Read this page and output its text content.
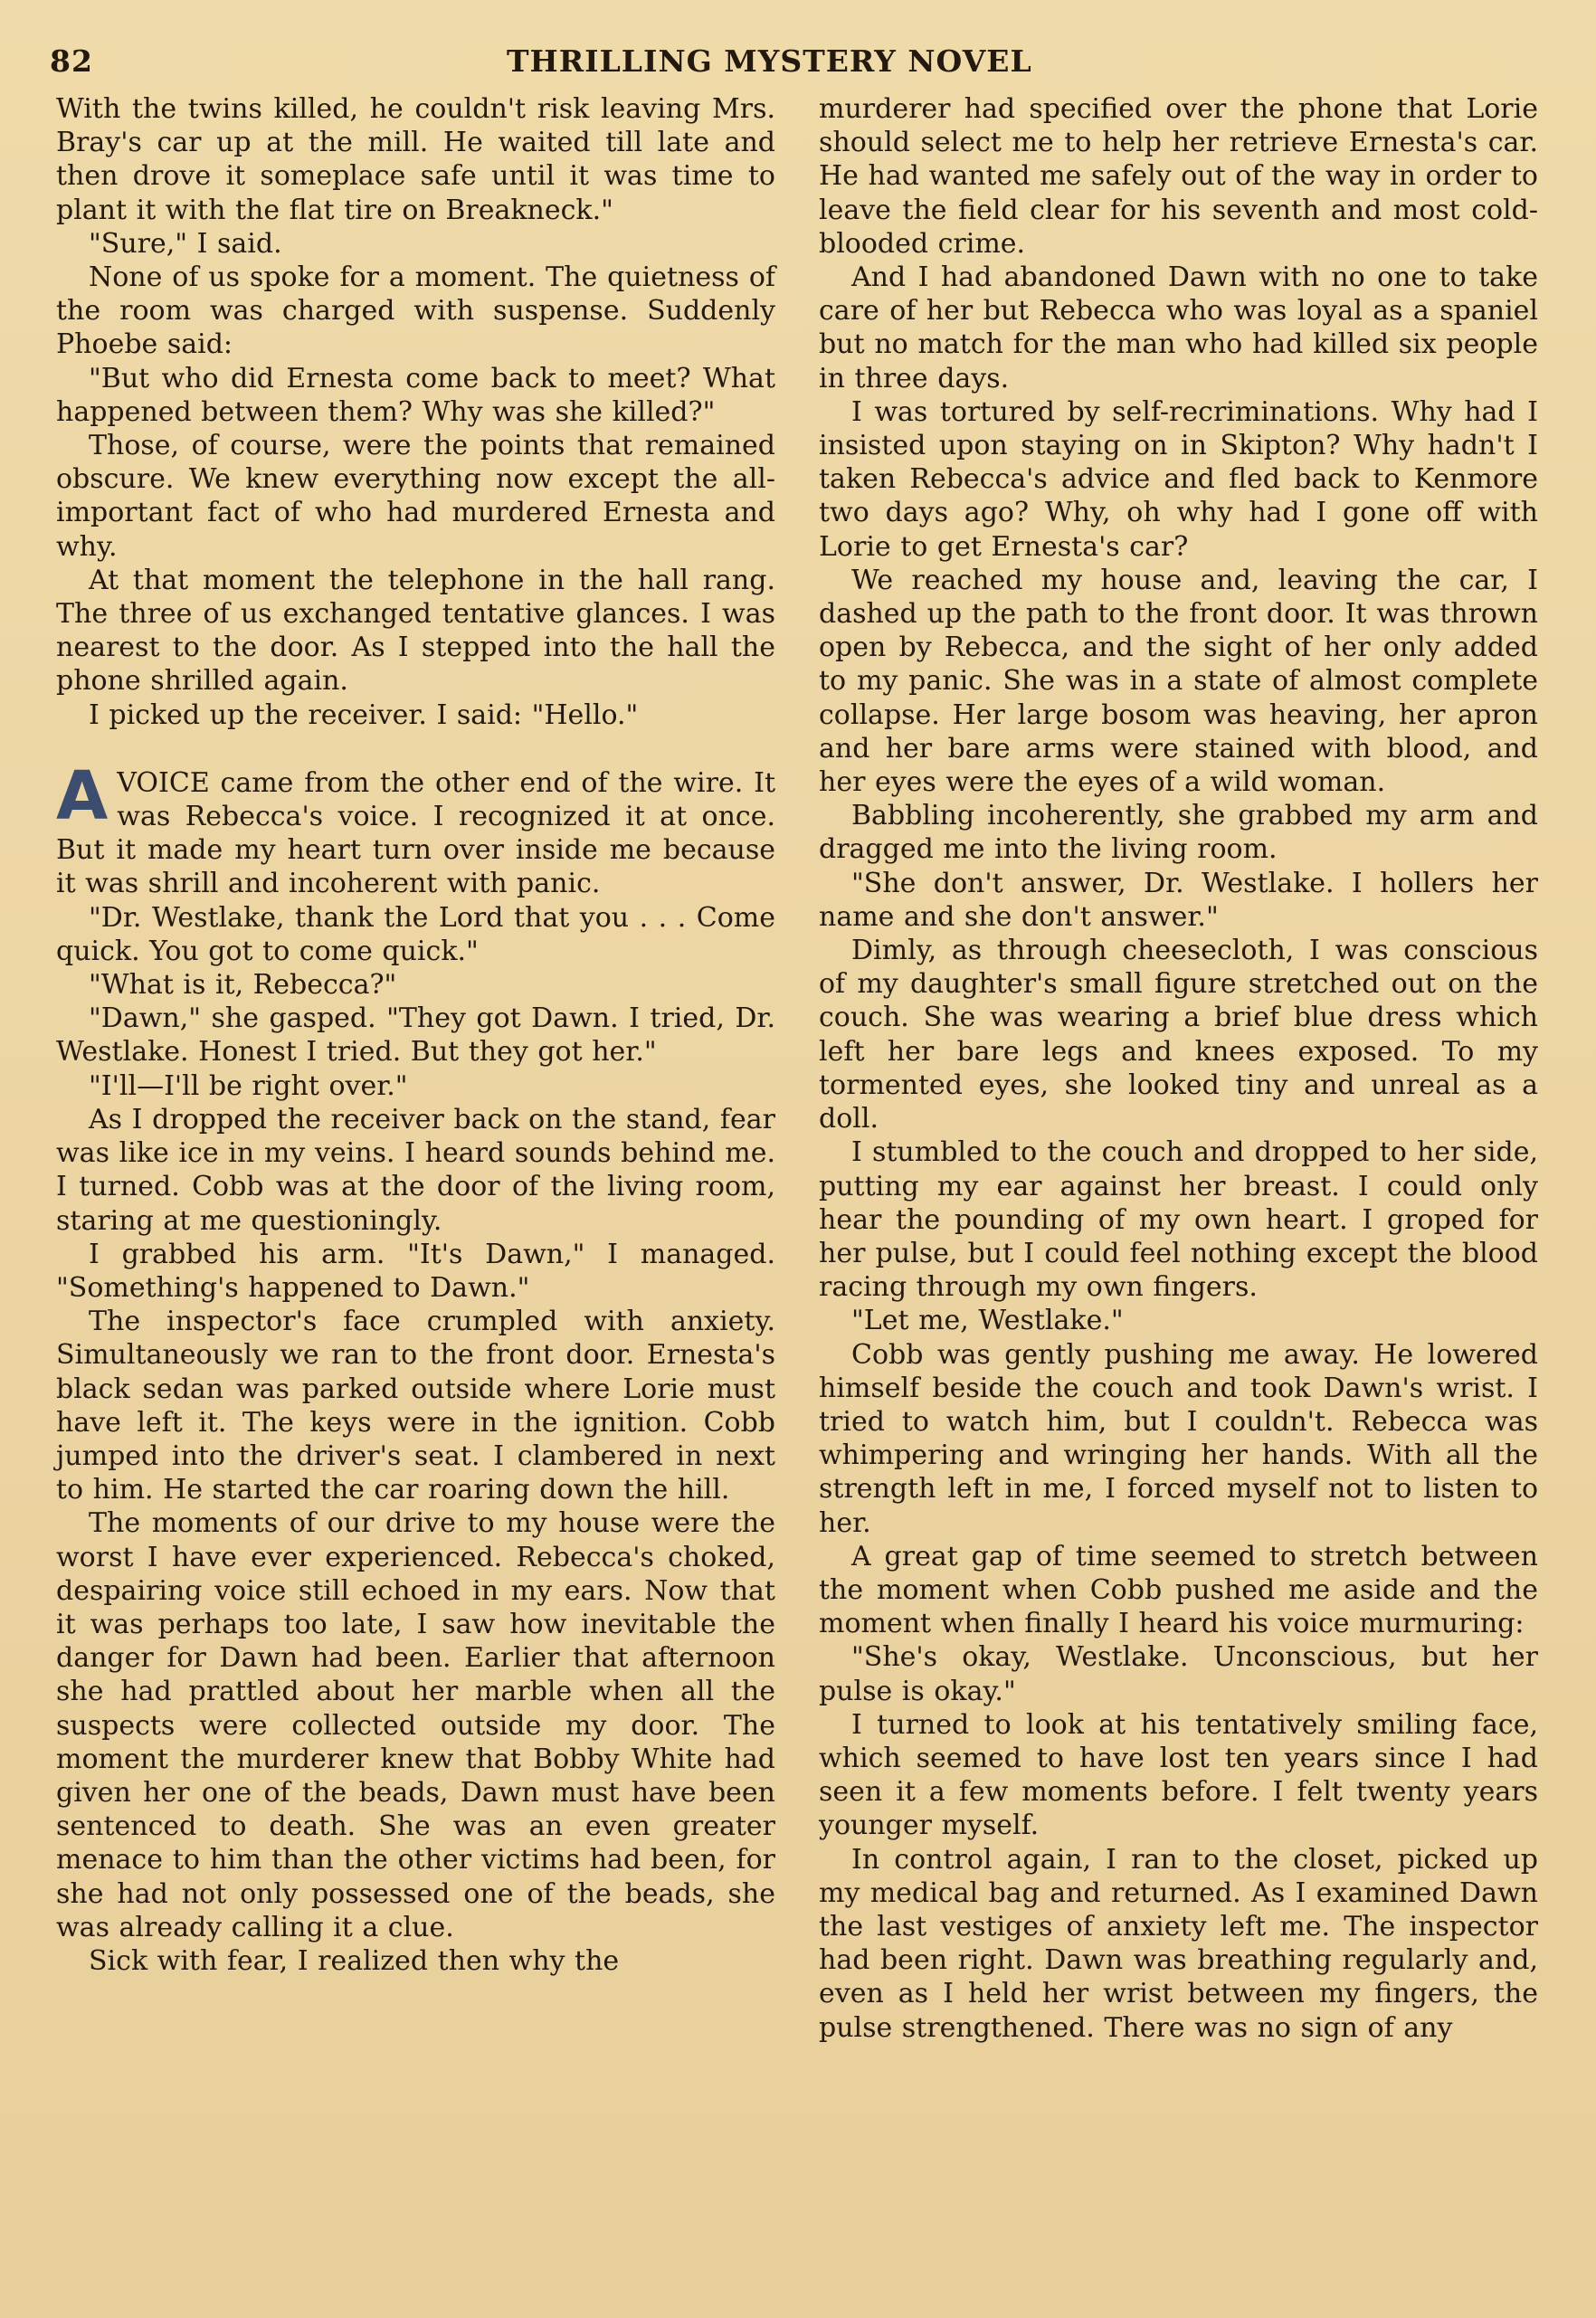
82	THRILLING MYSTERY NOVEL

With the twins killed, he couldn't risk leaving Mrs. Bray's car up at the mill. He waited till late and then drove it someplace safe until it was time to plant it with the flat tire on Breakneck."

"Sure," I said.

None of us spoke for a moment. The quietness of the room was charged with suspense. Suddenly Phoebe said:

"But who did Ernesta come back to meet? What happened between them? Why was she killed?"

Those, of course, were the points that remained obscure. We knew everything now except the all-important fact of who had murdered Ernesta and why.

At that moment the telephone in the hall rang. The three of us exchanged tentative glances. I was nearest to the door. As I stepped into the hall the phone shrilled again.

I picked up the receiver. I said: "Hello."

AVOICE came from the other end of the wire. It was Rebecca's voice. I recognized it at once. But it made my heart turn over inside me because it was shrill and incoherent with panic.

"Dr. Westlake, thank the Lord that you . . . Come quick. You got to come quick."

"What is it, Rebecca?"

"Dawn," she gasped. "They got Dawn. I tried, Dr. Westlake. Honest I tried. But they got her."

"I'll—I'll be right over."

As I dropped the receiver back on the stand, fear was like ice in my veins. I heard sounds behind me. I turned. Cobb was at the door of the living room, staring at me questioningly.

I grabbed his arm. "It's Dawn," I managed. "Something's happened to Dawn."

The inspector's face crumpled with anxiety. Simultaneously we ran to the front door. Ernesta's black sedan was parked outside where Lorie must have left it. The keys were in the ignition. Cobb jumped into the driver's seat. I clambered in next to him. He started the car roaring down the hill.

The moments of our drive to my house were the worst I have ever experienced. Rebecca's choked, despairing voice still echoed in my ears. Now that it was perhaps too late, I saw how inevitable the danger for Dawn had been. Earlier that afternoon she had prattled about her marble when all the suspects were collected outside my door. The moment the murderer knew that Bobby White had given her one of the beads, Dawn must have been sentenced to death. She was an even greater menace to him than the other victims had been, for she had not only possessed one of the beads, she was already calling it a clue.

Sick with fear, I realized then why the

murderer had specified over the phone that Lorie should select me to help her retrieve Ernesta's car. He had wanted me safely out of the way in order to leave the field clear for his seventh and most cold-blooded crime.

And I had abandoned Dawn with no one to take care of her but Rebecca who was loyal as a spaniel but no match for the man who had killed six people in three days.

I was tortured by self-recriminations. Why had I insisted upon staying on in Skipton? Why hadn't I taken Rebecca's advice and fled back to Kenmore two days ago? Why, oh why had I gone off with Lorie to get Ernesta's car?

We reached my house and, leaving the car, I dashed up the path to the front door. It was thrown open by Rebecca, and the sight of her only added to my panic. She was in a state of almost complete collapse. Her large bosom was heaving, her apron and her bare arms were stained with blood, and her eyes were the eyes of a wild woman.

Babbling incoherently, she grabbed my arm and dragged me into the living room.

"She don't answer, Dr. Westlake. I hollers her name and she don't answer."

Dimly, as through cheesecloth, I was conscious of my daughter's small figure stretched out on the couch. She was wearing a brief blue dress which left her bare legs and knees exposed. To my tormented eyes, she looked tiny and unreal as a doll.

I stumbled to the couch and dropped to her side, putting my ear against her breast. I could only hear the pounding of my own heart. I groped for her pulse, but I could feel nothing except the blood racing through my own fingers.

"Let me, Westlake."

Cobb was gently pushing me away. He lowered himself beside the couch and took Dawn's wrist. I tried to watch him, but I couldn't. Rebecca was whimpering and wringing her hands. With all the strength left in me, I forced myself not to listen to her.

A great gap of time seemed to stretch between the moment when Cobb pushed me aside and the moment when finally I heard his voice murmuring:

"She's okay, Westlake. Unconscious, but her pulse is okay."

I turned to look at his tentatively smiling face, which seemed to have lost ten years since I had seen it a few moments before. I felt twenty years younger myself.

In control again, I ran to the closet, picked up my medical bag and returned. As I examined Dawn the last vestiges of anxiety left me. The inspector had been right. Dawn was breathing regularly and, even as I held her wrist between my fingers, the pulse strengthened. There was no sign of any
